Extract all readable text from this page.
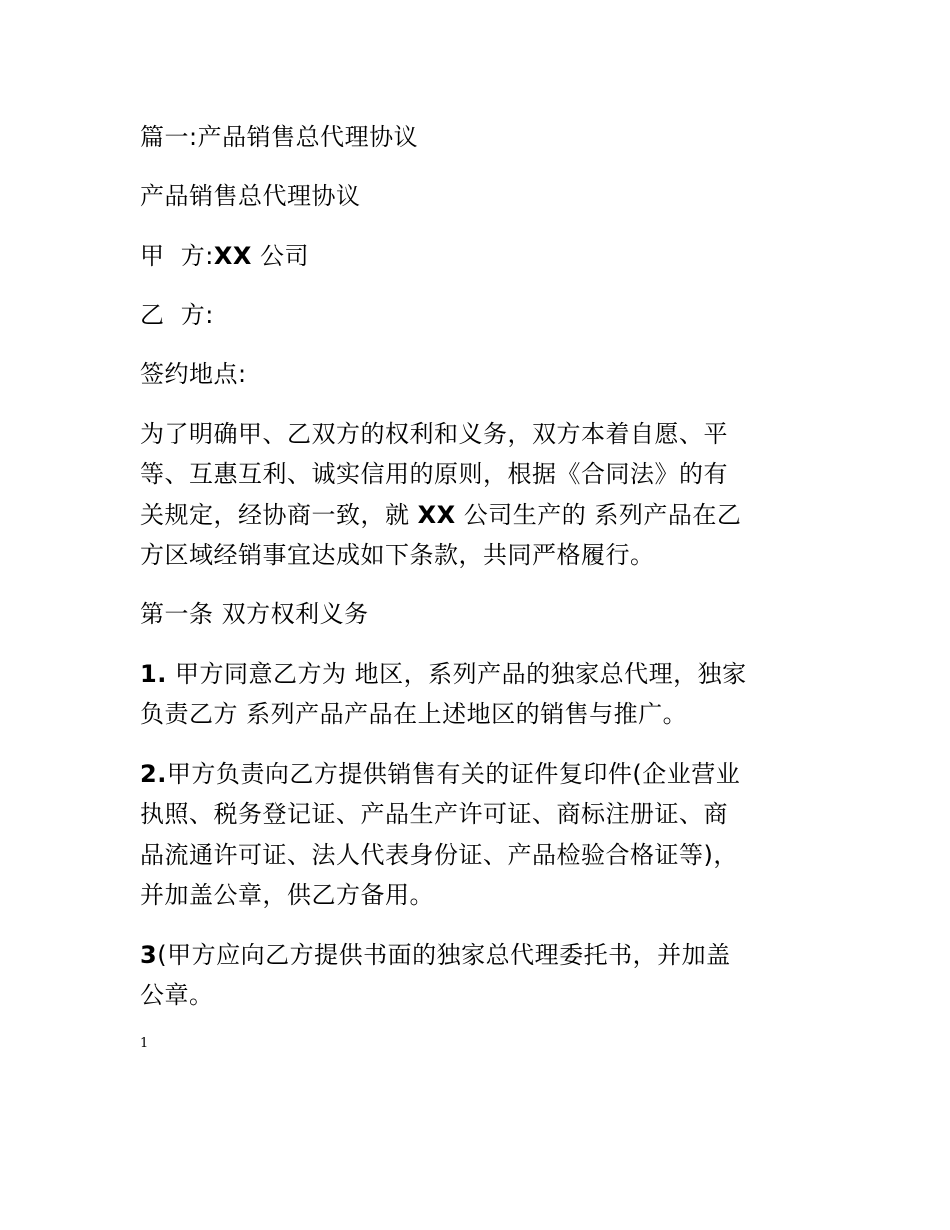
篇一:产品销售总代理协议
产品销售总代理协议
甲  方:XX 公司
乙  方:
签约地点:
为了明确甲、乙双方的权利和义务，双方本着自愿、平
等、互惠互利、诚实信用的原则，根据《合同法》的有
关规定，经协商一致，就 XX 公司生产的 系列产品在乙
方区域经销事宜达成如下条款，共同严格履行。
第一条 双方权利义务
1. 甲方同意乙方为 地区，系列产品的独家总代理，独家
负责乙方 系列产品产品在上述地区的销售与推广。
2.甲方负责向乙方提供销售有关的证件复印件(企业营业
执照、税务登记证、产品生产许可证、商标注册证、商
品流通许可证、法人代表身份证、产品检验合格证等)，
并加盖公章，供乙方备用。
3(甲方应向乙方提供书面的独家总代理委托书，并加盖
公章。
1
